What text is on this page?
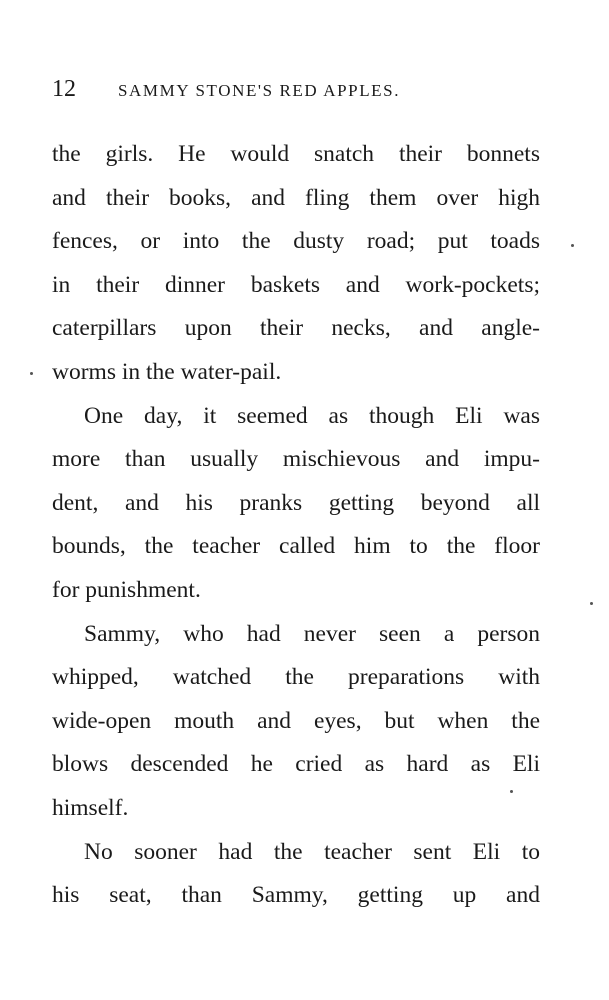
12 SAMMY STONE'S RED APPLES.
the girls. He would snatch their bonnets
and their books, and fling them over high
fences, or into the dusty road; put toads
in their dinner baskets and work-pockets;
caterpillars upon their necks, and angle-
worms in the water-pail.
One day, it seemed as though Eli was
more than usually mischievous and impu-
dent, and his pranks getting beyond all
bounds, the teacher called him to the floor
for punishment.
Sammy, who had never seen a person
whipped, watched the preparations with
wide-open mouth and eyes, but when the
blows descended he cried as hard as Eli
himself.
No sooner had the teacher sent Eli to
his seat, than Sammy, getting up and
